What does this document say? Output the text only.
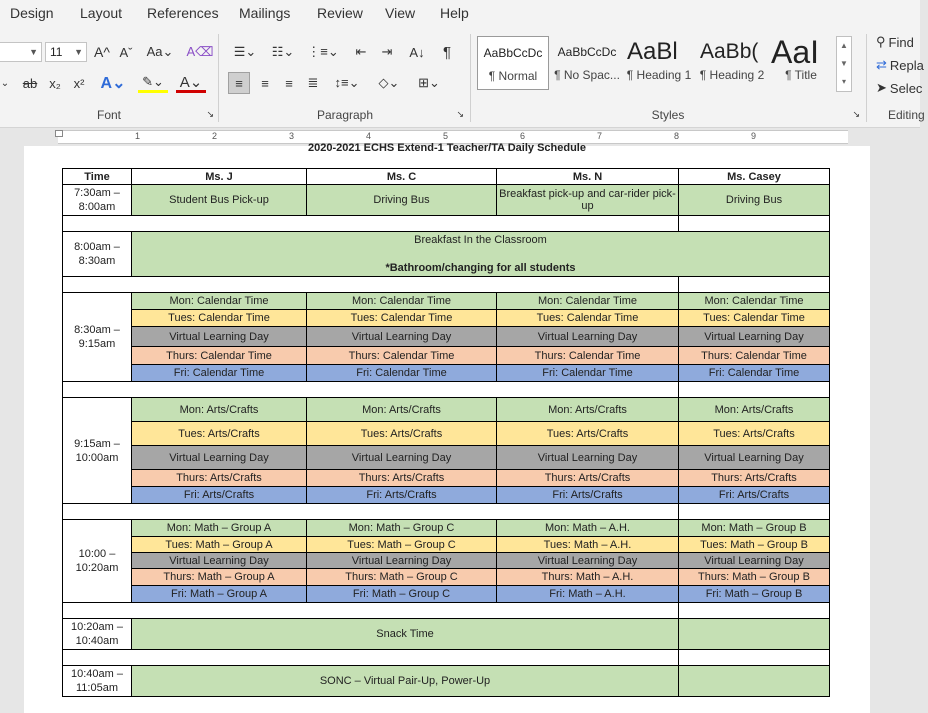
Design Layout References Mailings Review View Help
▼	11 ▼ A^ Aˇ Aa⌄ A⌫
⌄ ab x₂ x² A⌄	✎⌄ A⌄
Font	↘
☰⌄	☷⌄ ⋮≡⌄	⇤	⇥	A↓	¶
≡	≡	≡	≣	↕≡⌄	◇⌄	⊞⌄
Paragraph	↘
AaBbCcDc
¶ Normal
AaBbCcDc
¶ No Spac...
AaBl
¶ Heading 1
AaBb(
¶ Heading 2
AaI
¶ Title
▲
▼
▾
Styles	↘
⚲ Find
⇄ Repla
➤ Selec
Editing
1	2	3	4	5	6	7	8	9
2020-2021 ECHS Extend-1 Teacher/TA Daily Schedule
Time	Ms. J	Ms. C	Ms. N	Ms. Casey
7:30am – 8:00am	Student Bus Pick-up	Driving Bus	Breakfast pick-up and car-rider pick-up	Driving Bus

8:00am – 8:30am	Breakfast In the Classroom
*Bathroom/changing for all students			

8:30am – 9:15am	Mon: Calendar Time	Mon: Calendar Time	Mon: Calendar Time	Mon: Calendar Time
	Tues: Calendar Time	Tues: Calendar Time	Tues: Calendar Time	Tues: Calendar Time
	Virtual Learning Day	Virtual Learning Day	Virtual Learning Day	Virtual Learning Day
	Thurs: Calendar Time	Thurs: Calendar Time	Thurs: Calendar Time	Thurs: Calendar Time
	Fri: Calendar Time	Fri: Calendar Time	Fri: Calendar Time	Fri: Calendar Time

9:15am – 10:00am	Mon: Arts/Crafts	Mon: Arts/Crafts	Mon: Arts/Crafts	Mon: Arts/Crafts
	Tues: Arts/Crafts	Tues: Arts/Crafts	Tues: Arts/Crafts	Tues: Arts/Crafts
	Virtual Learning Day	Virtual Learning Day	Virtual Learning Day	Virtual Learning Day
	Thurs: Arts/Crafts	Thurs: Arts/Crafts	Thurs: Arts/Crafts	Thurs: Arts/Crafts
	Fri: Arts/Crafts	Fri: Arts/Crafts	Fri: Arts/Crafts	Fri: Arts/Crafts

10:00 – 10:20am	Mon: Math – Group A	Mon: Math – Group C	Mon: Math – A.H.	Mon: Math – Group B
	Tues: Math – Group A	Tues: Math – Group C	Tues: Math – A.H.	Tues: Math – Group B
	Virtual Learning Day	Virtual Learning Day	Virtual Learning Day	Virtual Learning Day
	Thurs: Math – Group A	Thurs: Math – Group C	Thurs: Math – A.H.	Thurs: Math – Group B
	Fri: Math – Group A	Fri: Math – Group C	Fri: Math – A.H.	Fri: Math – Group B

10:20am – 10:40am	Snack Time			

10:40am – 11:05am	SONC – Virtual Pair-Up, Power-Up			
